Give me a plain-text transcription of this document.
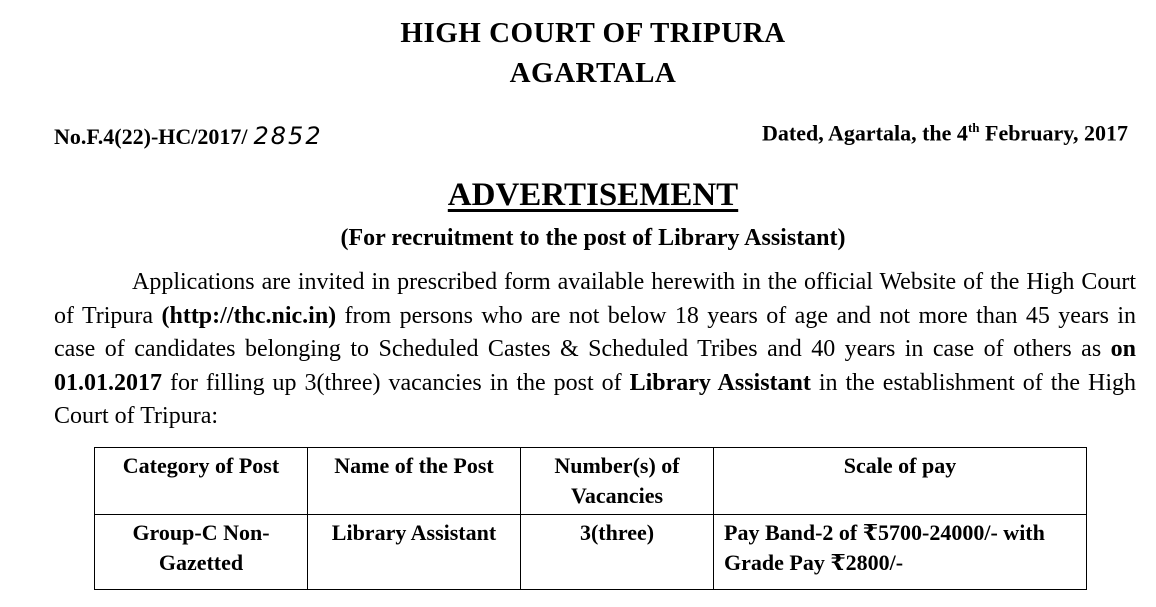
HIGH COURT OF TRIPURA
AGARTALA
No.F.4(22)-HC/2017/ 2852	Dated, Agartala, the 4th February, 2017
ADVERTISEMENT
(For recruitment to the post of Library Assistant)
Applications are invited in prescribed form available herewith in the official Website of the High Court of Tripura (http://thc.nic.in) from persons who are not below 18 years of age and not more than 45 years in case of candidates belonging to Scheduled Castes & Scheduled Tribes and 40 years in case of others as on 01.01.2017 for filling up 3(three) vacancies in the post of Library Assistant in the establishment of the High Court of Tripura:
Category of Post	Name of the Post	Number(s) of Vacancies	Scale of pay
Group-C Non-Gazetted	Library Assistant	3(three)	Pay Band-2 of ₹5700-24000/- with Grade Pay ₹2800/-
